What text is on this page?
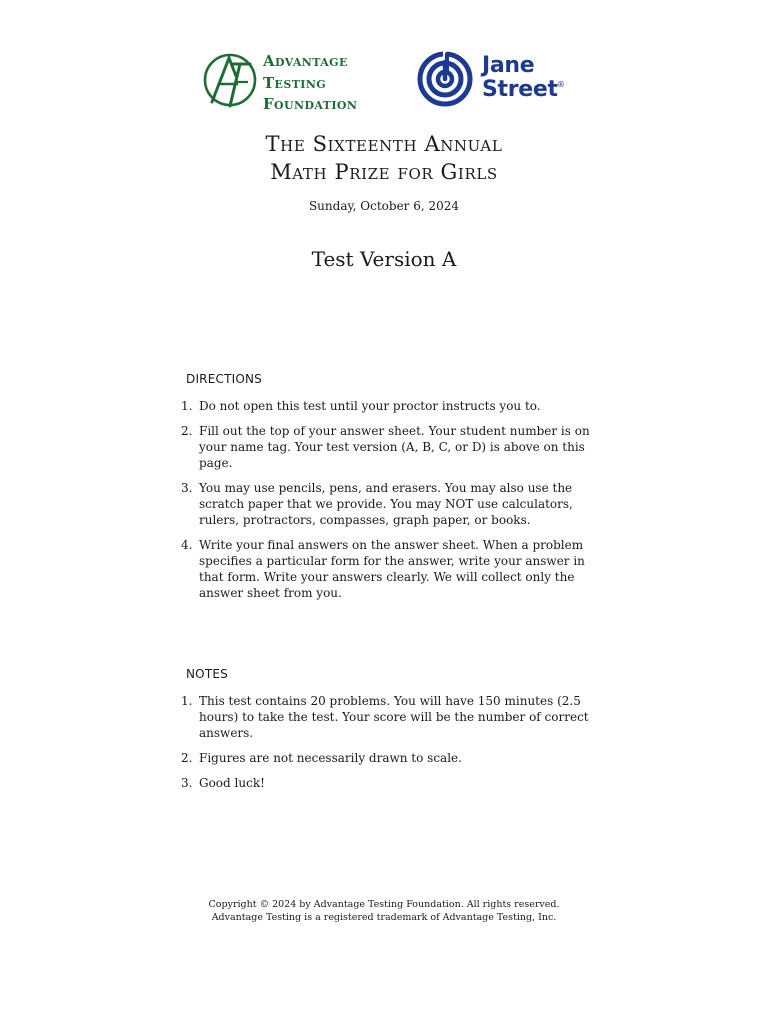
Advantage
Testing
Foundation
Jane
Street ®
The Sixteenth Annual
Math Prize for Girls
Sunday, October 6, 2024
Test Version A
DIRECTIONS
1. Do not open this test until your proctor instructs you to.
2. Fill out the top of your answer sheet. Your student number is on your name tag. Your test version (A, B, C, or D) is above on this page.
3. You may use pencils, pens, and erasers. You may also use the scratch paper that we provide. You may NOT use calculators, rulers, protractors, compasses, graph paper, or books.
4. Write your final answers on the answer sheet. When a problem specifies a particular form for the answer, write your answer in that form. Write your answers clearly. We will collect only the answer sheet from you.
NOTES
1. This test contains 20 problems. You will have 150 minutes (2.5 hours) to take the test. Your score will be the number of correct answers.
2. Figures are not necessarily drawn to scale.
3. Good luck!
Copyright © 2024 by Advantage Testing Foundation. All rights reserved.
Advantage Testing is a registered trademark of Advantage Testing, Inc.
